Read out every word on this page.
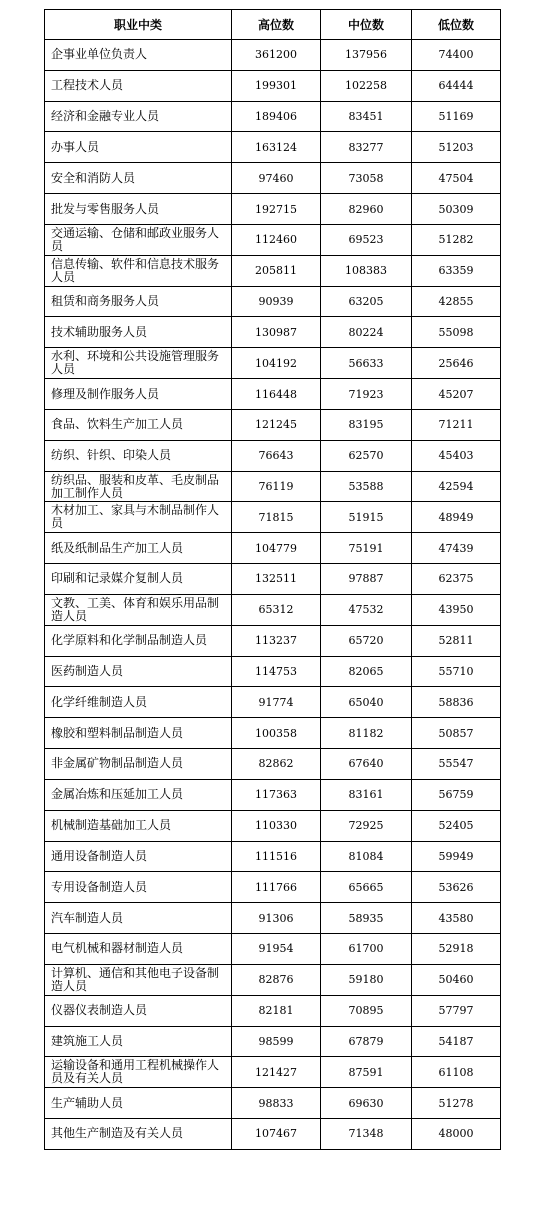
职业中类	高位数	中位数	低位数
企事业单位负责人	361200	137956	74400
工程技术人员	199301	102258	64444
经济和金融专业人员	189406	83451	51169
办事人员	163124	83277	51203
安全和消防人员	97460	73058	47504
批发与零售服务人员	192715	82960	50309
交通运输、仓储和邮政业服务人员	112460	69523	51282
信息传输、软件和信息技术服务人员	205811	108383	63359
租赁和商务服务人员	90939	63205	42855
技术辅助服务人员	130987	80224	55098
水利、环境和公共设施管理服务人员	104192	56633	25646
修理及制作服务人员	116448	71923	45207
食品、饮料生产加工人员	121245	83195	71211
纺织、针织、印染人员	76643	62570	45403
纺织品、服装和皮革、毛皮制品加工制作人员	76119	53588	42594
木材加工、家具与木制品制作人员	71815	51915	48949
纸及纸制品生产加工人员	104779	75191	47439
印刷和记录媒介复制人员	132511	97887	62375
文教、工美、体育和娱乐用品制造人员	65312	47532	43950
化学原料和化学制品制造人员	113237	65720	52811
医药制造人员	114753	82065	55710
化学纤维制造人员	91774	65040	58836
橡胶和塑料制品制造人员	100358	81182	50857
非金属矿物制品制造人员	82862	67640	55547
金属冶炼和压延加工人员	117363	83161	56759
机械制造基础加工人员	110330	72925	52405
通用设备制造人员	111516	81084	59949
专用设备制造人员	111766	65665	53626
汽车制造人员	91306	58935	43580
电气机械和器材制造人员	91954	61700	52918
计算机、通信和其他电子设备制造人员	82876	59180	50460
仪器仪表制造人员	82181	70895	57797
建筑施工人员	98599	67879	54187
运输设备和通用工程机械操作人员及有关人员	121427	87591	61108
生产辅助人员	98833	69630	51278
其他生产制造及有关人员	107467	71348	48000
